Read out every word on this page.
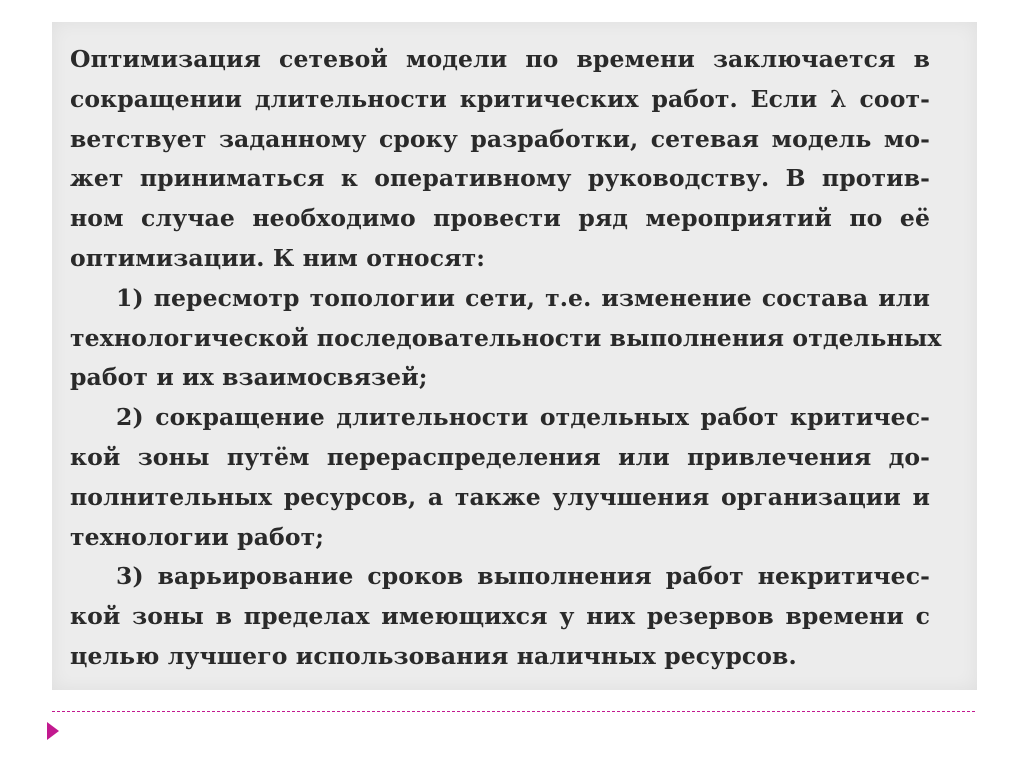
Оптимизация сетевой модели по времени заключается в
сокращении длительности критических работ. Если λ соот-
ветствует заданному сроку разработки, сетевая модель мо-
жет приниматься к оперативному руководству. В против-
ном случае необходимо провести ряд мероприятий по её
оптимизации. К ним относят:
1) пересмотр топологии сети, т.е. изменение состава или
технологической последовательности выполнения отдельных
работ и их взаимосвязей;
2) сокращение длительности отдельных работ критичес-
кой зоны путём перераспределения или привлечения до-
полнительных ресурсов, а также улучшения организации и
технологии работ;
3) варьирование сроков выполнения работ некритичес-
кой зоны в пределах имеющихся у них резервов времени с
целью лучшего использования наличных ресурсов.
